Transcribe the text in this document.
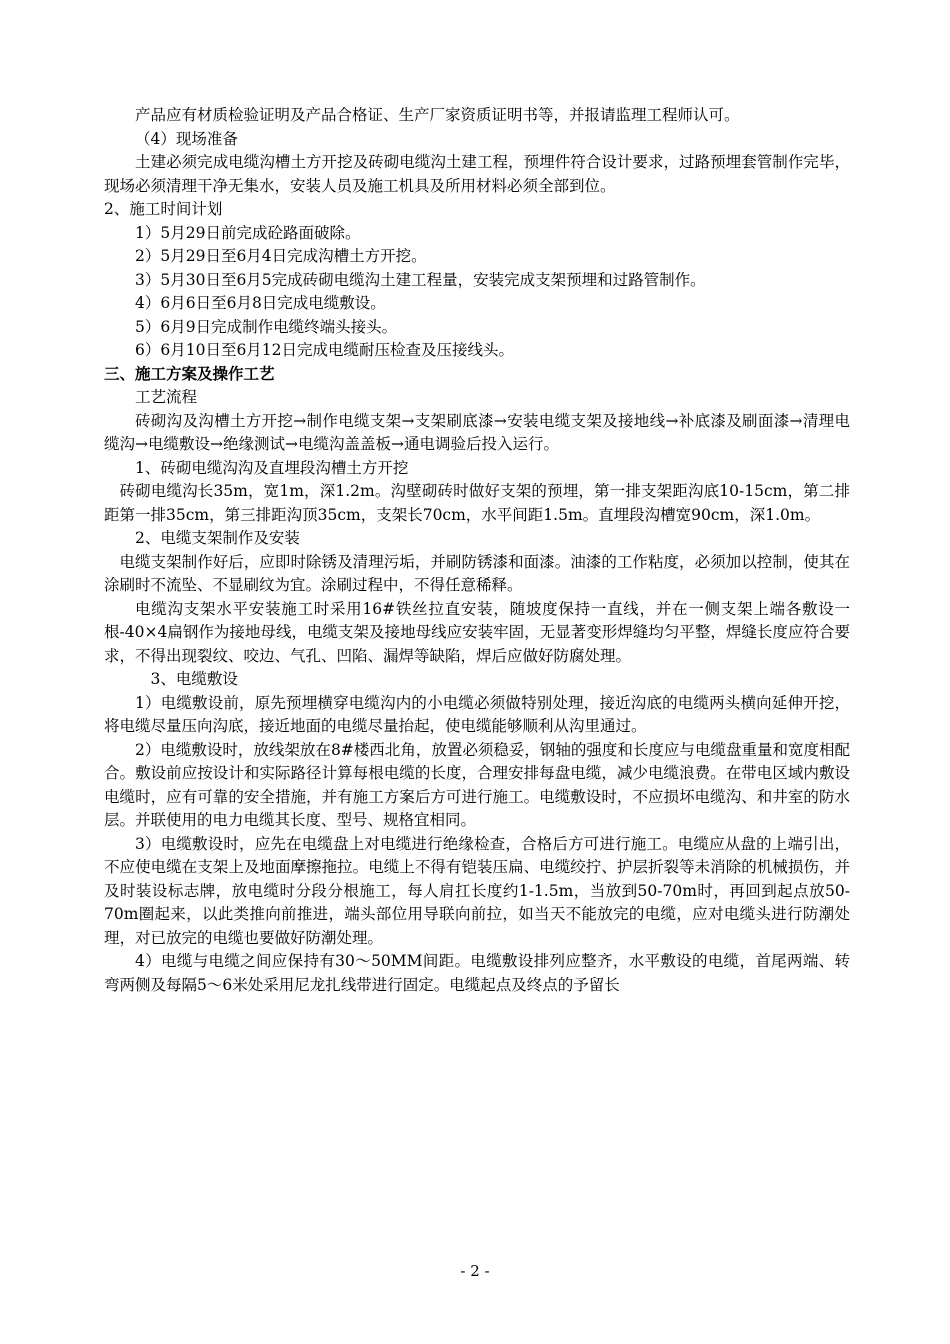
产品应有材质检验证明及产品合格证、生产厂家资质证明书等，并报请监理工程师认可。

（4）现场准备

土建必须完成电缆沟槽土方开挖及砖砌电缆沟土建工程，预埋件符合设计要求，过路预埋套管制作完毕，现场必须清理干净无集水，安装人员及施工机具及所用材料必须全部到位。

2、施工时间计划

1）5月29日前完成砼路面破除。

2）5月29日至6月4日完成沟槽土方开挖。

3）5月30日至6月5完成砖砌电缆沟土建工程量，安装完成支架预埋和过路管制作。

4）6月6日至6月8日完成电缆敷设。

5）6月9日完成制作电缆终端头接头。

6）6月10日至6月12日完成电缆耐压检查及压接线头。

三、施工方案及操作工艺

工艺流程

砖砌沟及沟槽土方开挖→制作电缆支架→支架刷底漆→安装电缆支架及接地线→补底漆及刷面漆→清理电缆沟→电缆敷设→绝缘测试→电缆沟盖盖板→通电调验后投入运行。

1、砖砌电缆沟沟及直埋段沟槽土方开挖

砖砌电缆沟长35m，宽1m，深1.2m。沟壁砌砖时做好支架的预埋，第一排支架距沟底10-15cm，第二排距第一排35cm，第三排距沟顶35cm，支架长70cm，水平间距1.5m。直埋段沟槽宽90cm，深1.0m。

2、电缆支架制作及安装

电缆支架制作好后，应即时除锈及清理污垢，并刷防锈漆和面漆。油漆的工作粘度，必须加以控制，使其在涂刷时不流坠、不显刷纹为宜。涂刷过程中，不得任意稀释。

电缆沟支架水平安装施工时采用16#铁丝拉直安装，随坡度保持一直线，并在一侧支架上端各敷设一根-40×4扁钢作为接地母线，电缆支架及接地母线应安装牢固，无显著变形焊缝均匀平整，焊缝长度应符合要求，不得出现裂纹、咬边、气孔、凹陷、漏焊等缺陷，焊后应做好防腐处理。

3、电缆敷设

1）电缆敷设前，原先预埋横穿电缆沟内的小电缆必须做特别处理，接近沟底的电缆两头横向延伸开挖，将电缆尽量压向沟底，接近地面的电缆尽量抬起，使电缆能够顺利从沟里通过。

2）电缆敷设时，放线架放在8#楼西北角，放置必须稳妥，钢轴的强度和长度应与电缆盘重量和宽度相配合。敷设前应按设计和实际路径计算每根电缆的长度，合理安排每盘电缆，减少电缆浪费。在带电区域内敷设电缆时，应有可靠的安全措施，并有施工方案后方可进行施工。电缆敷设时，不应损坏电缆沟、和井室的防水层。并联使用的电力电缆其长度、型号、规格宜相同。

3）电缆敷设时，应先在电缆盘上对电缆进行绝缘检查，合格后方可进行施工。电缆应从盘的上端引出，不应使电缆在支架上及地面摩擦拖拉。电缆上不得有铠装压扁、电缆绞拧、护层折裂等未消除的机械损伤，并及时装设标志牌，放电缆时分段分根施工，每人肩扛长度约1-1.5m，当放到50-70m时，再回到起点放50-70m圈起来，以此类推向前推进，端头部位用导联向前拉，如当天不能放完的电缆，应对电缆头进行防潮处理，对已放完的电缆也要做好防潮处理。

4）电缆与电缆之间应保持有30～50MM间距。电缆敷设排列应整齐，水平敷设的电缆，首尾两端、转弯两侧及每隔5～6米处采用尼龙扎线带进行固定。电缆起点及终点的予留长

- 2 -
